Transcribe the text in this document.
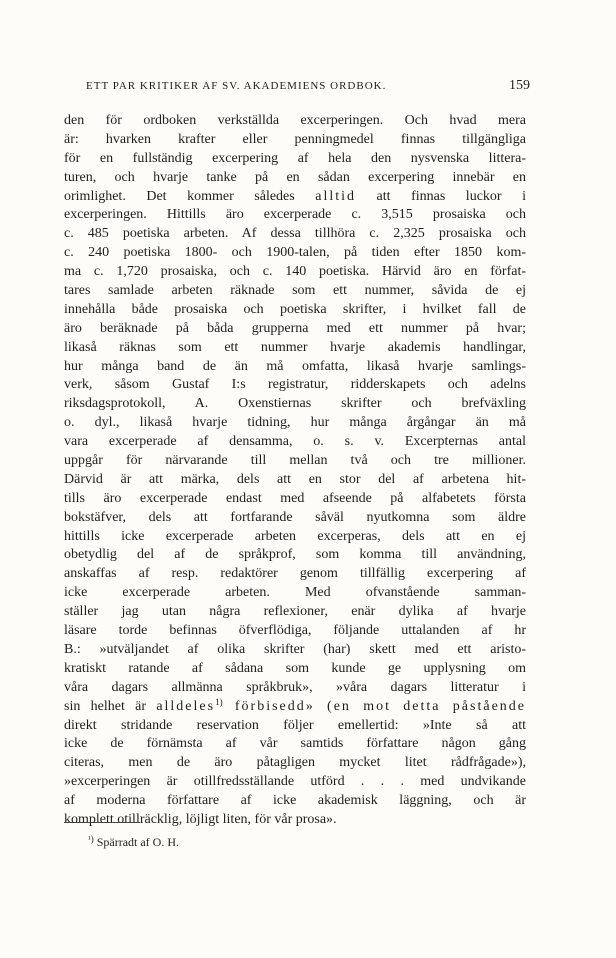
ETT PAR KRITIKER AF SV. AKADEMIENS ORDBOK.	159
den för ordboken verkställda excerperingen. Och hvad mera
är: hvarken krafter eller penningmedel finnas tillgängliga
för en fullständig excerpering af hela den nysvenska littera-
turen, och hvarje tanke på en sådan excerpering innebär en
orimlighet. Det kommer således alltid att finnas luckor i
excerperingen. Hittills äro excerperade c. 3,515 prosaiska och
c. 485 poetiska arbeten. Af dessa tillhöra c. 2,325 prosaiska och
c. 240 poetiska 1800- och 1900-talen, på tiden efter 1850 kom-
ma c. 1,720 prosaiska, och c. 140 poetiska. Härvid äro en förfat-
tares samlade arbeten räknade som ett nummer, såvida de ej
innehålla både prosaiska och poetiska skrifter, i hvilket fall de
äro beräknade på båda grupperna med ett nummer på hvar;
likaså räknas som ett nummer hvarje akademis handlingar,
hur många band de än må omfatta, likaså hvarje samlings-
verk, såsom Gustaf I:s registratur, ridderskapets och adelns
riksdagsprotokoll, A. Oxenstiernas skrifter och brefväxling
o. dyl., likaså hvarje tidning, hur många årgångar än må
vara excerperade af densamma, o. s. v. Excerpternas antal
uppgår för närvarande till mellan två och tre millioner.
Därvid är att märka, dels att en stor del af arbetena hit-
tills äro excerperade endast med afseende på alfabetets första
bokstäfver, dels att fortfarande såväl nyutkomna som äldre
hittills icke excerperade arbeten excerperas, dels att en ej
obetydlig del af de språkprof, som komma till användning,
anskaffas af resp. redaktörer genom tillfällig excerpering af
icke excerperade arbeten. Med ofvanstående samman-
ställer jag utan några reflexioner, enär dylika af hvarje
läsare torde befinnas öfverflödiga, följande uttalanden af hr
B.: »utväljandet af olika skrifter (har) skett med ett aristo-
kratiskt ratande af sådana som kunde ge upplysning om
våra dagars allmänna språkbruk», »våra dagars litteratur i
sin helhet är alldeles$^{1)}$ förbisedd» (en mot detta påstående
direkt stridande reservation följer emellertid: »Inte så att
icke de förnämsta af vår samtids författare någon gång
citeras, men de äro påtagligen mycket litet rådfrågade»),
»excerperingen är otillfredsställande utförd . . . med undvikande
af moderna författare af icke akademisk läggning, och är
komplett otillräcklig, löjligt liten, för vår prosa».
$^{^1)}$ Spärradt af O. H.
